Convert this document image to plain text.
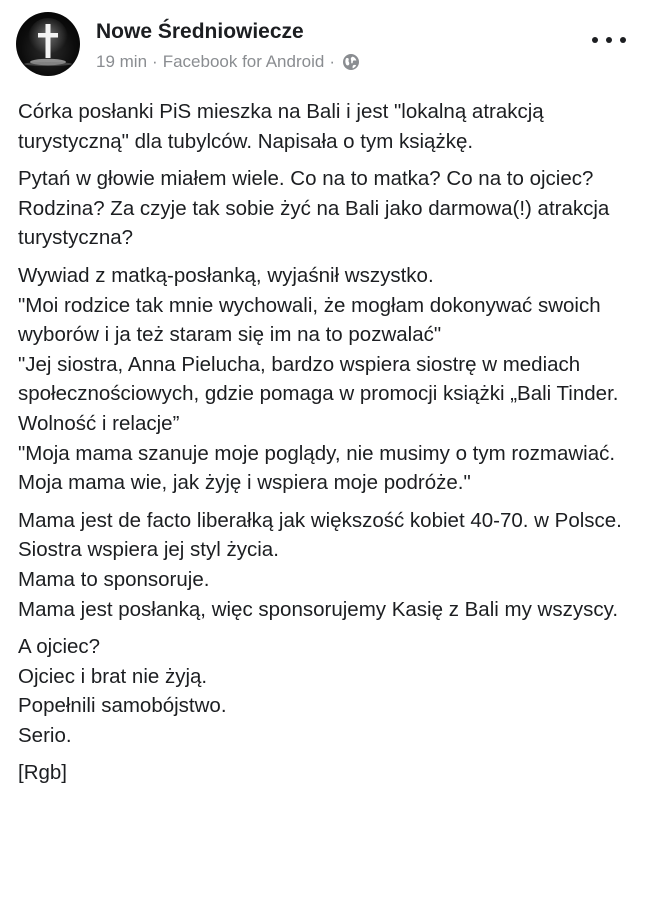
Nowe Średniowiecze
19 min · Facebook for Android ·

Córka posłanki PiS mieszka na Bali i jest "lokalną atrakcją turystyczną" dla tubylców. Napisała o tym książkę.

Pytań w głowie miałem wiele. Co na to matka? Co na to ojciec? Rodzina? Za czyje tak sobie żyć na Bali jako darmowa(!) atrakcja turystyczna?

Wywiad z matką-posłanką, wyjaśnił wszystko.
"Moi rodzice tak mnie wychowali, że mogłam dokonywać swoich wyborów i ja też staram się im na to pozwalać"
"Jej siostra, Anna Pielucha, bardzo wspiera siostrę w mediach społecznościowych, gdzie pomaga w promocji książki „Bali Tinder. Wolność i relacje”
"Moja mama szanuje moje poglądy, nie musimy o tym rozmawiać. Moja mama wie, jak żyję i wspiera moje podróże."

Mama jest de facto liberałką jak większość kobiet 40-70. w Polsce.
Siostra wspiera jej styl życia.
Mama to sponsoruje.
Mama jest posłanką, więc sponsorujemy Kasię z Bali my wszyscy.

A ojciec?
Ojciec i brat nie żyją.
Popełnili samobójstwo.
Serio.

[Rgb]
